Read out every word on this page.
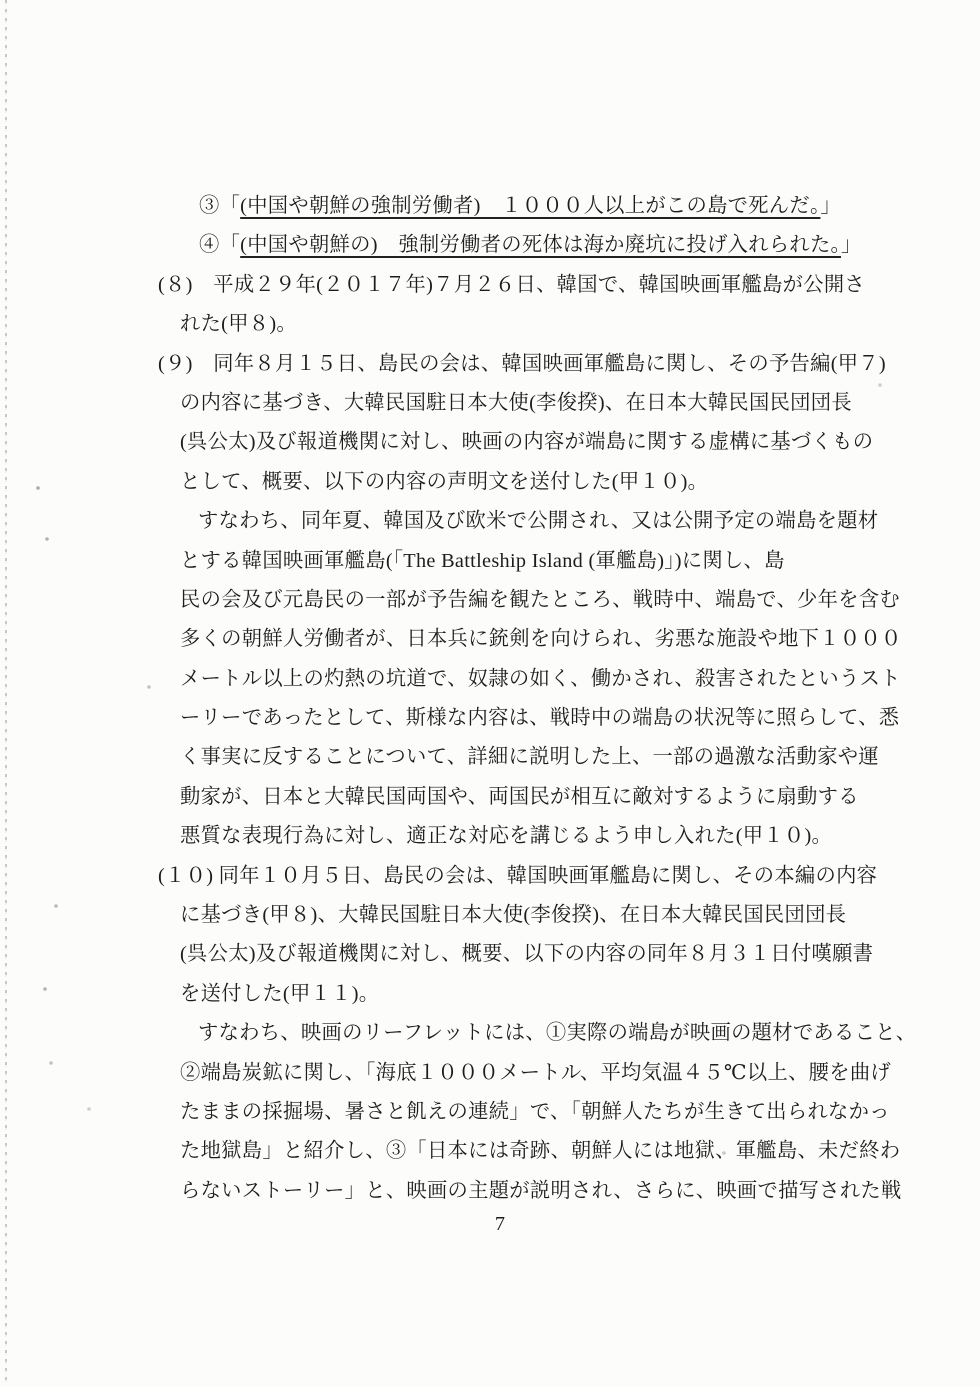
③「(中国や朝鮮の強制労働者)　１０００人以上がこの島で死んだ。」
④「(中国や朝鮮の)　強制労働者の死体は海か廃坑に投げ入れられた。」
(８)　平成２９年(２０１７年)７月２６日、韓国で、韓国映画軍艦島が公開さ
れた(甲８)。
(９)　同年８月１５日、島民の会は、韓国映画軍艦島に関し、その予告編(甲７)
の内容に基づき、大韓民国駐日本大使(李俊揆)、在日本大韓民国民団団長
(呉公太)及び報道機関に対し、映画の内容が端島に関する虚構に基づくもの
として、概要、以下の内容の声明文を送付した(甲１０)。
すなわち、同年夏、韓国及び欧米で公開され、又は公開予定の端島を題材
とする韓国映画軍艦島(「The Battleship Island (軍艦島)」)に関し、島
民の会及び元島民の一部が予告編を観たところ、戦時中、端島で、少年を含む
多くの朝鮮人労働者が、日本兵に銃剣を向けられ、劣悪な施設や地下１０００
メートル以上の灼熱の坑道で、奴隷の如く、働かされ、殺害されたというスト
ーリーであったとして、斯様な内容は、戦時中の端島の状況等に照らして、悉
く事実に反することについて、詳細に説明した上、一部の過激な活動家や運
動家が、日本と大韓民国両国や、両国民が相互に敵対するように扇動する
悪質な表現行為に対し、適正な対応を講じるよう申し入れた(甲１０)。
(１０) 同年１０月５日、島民の会は、韓国映画軍艦島に関し、その本編の内容
に基づき(甲８)、大韓民国駐日本大使(李俊揆)、在日本大韓民国民団団長
(呉公太)及び報道機関に対し、概要、以下の内容の同年８月３１日付嘆願書
を送付した(甲１１)。
すなわち、映画のリーフレットには、①実際の端島が映画の題材であること、
②端島炭鉱に関し、「海底１０００メートル、平均気温４５℃以上、腰を曲げ
たままの採掘場、暑さと飢えの連続」で、「朝鮮人たちが生きて出られなかっ
た地獄島」と紹介し、③「日本には奇跡、朝鮮人には地獄、軍艦島、未だ終わ
らないストーリー」と、映画の主題が説明され、さらに、映画で描写された戦
7
